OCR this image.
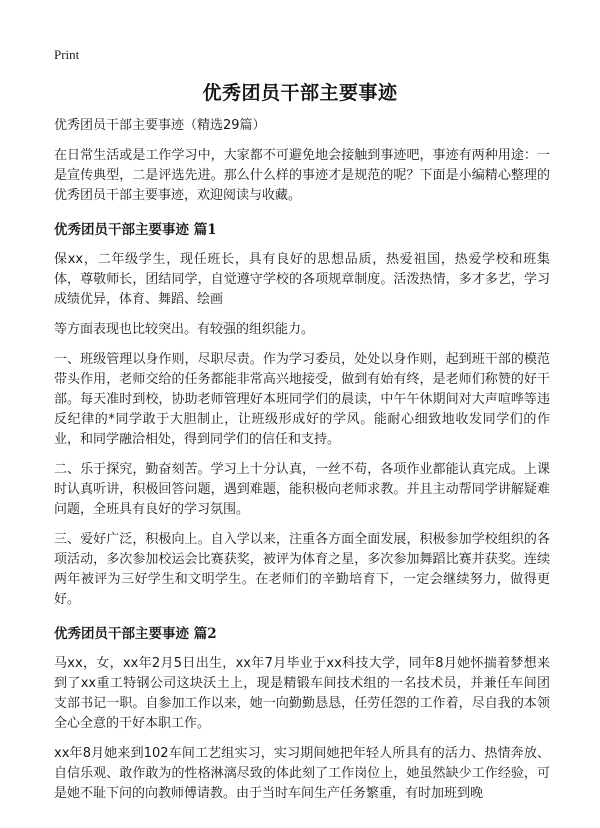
Print
优秀团员干部主要事迹
优秀团员干部主要事迹（精选29篇）

在日常生活或是工作学习中，大家都不可避免地会接触到事迹吧，事迹有两种用途：一是宣传典型，二是评选先进。那么什么样的事迹才是规范的呢？下面是小编精心整理的优秀团员干部主要事迹，欢迎阅读与收藏。

优秀团员干部主要事迹 篇1

保xx，二年级学生，现任班长，具有良好的思想品质，热爱祖国，热爱学校和班集体，尊敬师长，团结同学，自觉遵守学校的各项规章制度。活泼热情，多才多艺，学习成绩优异，体育、舞蹈、绘画

等方面表现也比较突出。有较强的组织能力。

一、班级管理以身作则，尽职尽责。作为学习委员，处处以身作则，起到班干部的模范带头作用，老师交给的任务都能非常高兴地接受，做到有始有终，是老师们称赞的好干部。每天准时到校，协助老师管理好本班同学们的晨读，中午午休期间对大声喧哗等违反纪律的*同学敢于大胆制止，让班级形成好的学风。能耐心细致地收发同学们的作业，和同学融洽相处，得到同学们的信任和支持。

二、乐于探究，勤奋刻苦。学习上十分认真，一丝不苟，各项作业都能认真完成。上课时认真听讲，积极回答问题，遇到难题，能积极向老师求教。并且主动帮同学讲解疑难问题，全班具有良好的学习氛围。

三、爱好广泛，积极向上。自入学以来，注重各方面全面发展，积极参加学校组织的各项活动，多次参加校运会比赛获奖，被评为体育之星，多次参加舞蹈比赛并获奖。连续两年被评为三好学生和文明学生。在老师们的辛勤培育下，一定会继续努力，做得更好。

优秀团员干部主要事迹 篇2

马xx，女，xx年2月5日出生，xx年7月毕业于xx科技大学，同年8月她怀揣着梦想来到了xx重工特钢公司这块沃土上，现是精锻车间技术组的一名技术员，并兼任车间团支部书记一职。自参加工作以来，她一向勤勤恳恳，任劳任怨的工作着，尽自我的本领全心全意的干好本职工作。

xx年8月她来到102车间工艺组实习，实习期间她把年轻人所具有的活力、热情奔放、自信乐观、敢作敢为的性格淋漓尽致的体此刻了工作岗位上，她虽然缺少工作经验，可是她不耻下问的向教师傅请教。由于当时车间生产任务繁重，有时加班到晚
